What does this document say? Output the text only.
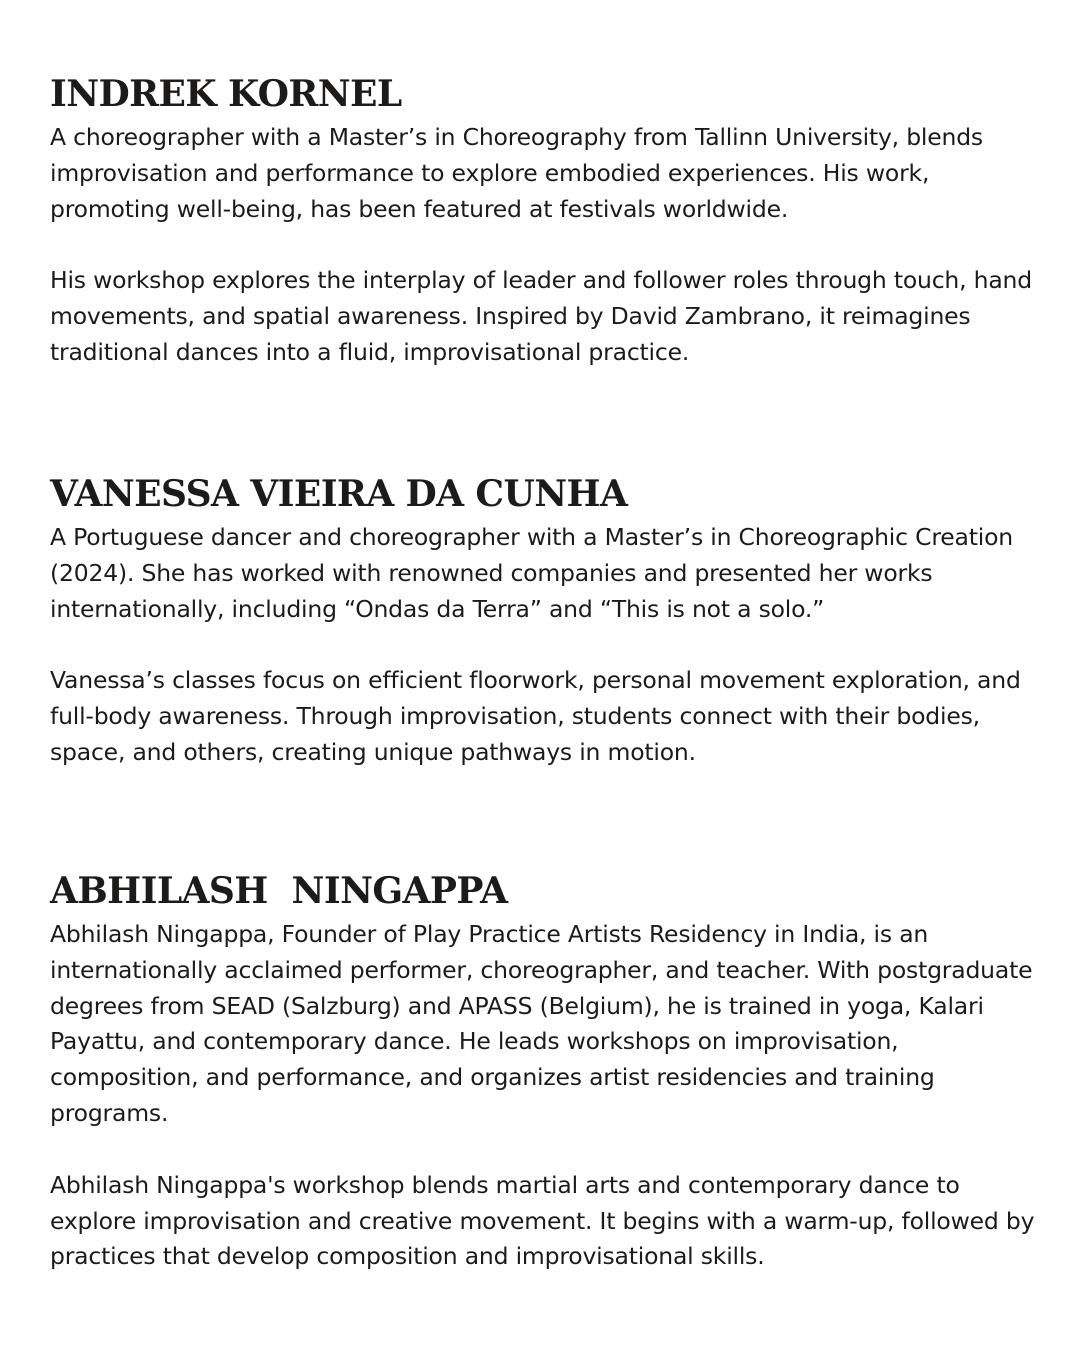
INDREK KORNEL

A choreographer with a Master’s in Choreography from Tallinn University, blends improvisation and performance to explore embodied experiences. His work, promoting well-being, has been featured at festivals worldwide.

His workshop explores the interplay of leader and follower roles through touch, hand movements, and spatial awareness. Inspired by David Zambrano, it reimagines traditional dances into a fluid, improvisational practice.

VANESSA VIEIRA DA CUNHA

A Portuguese dancer and choreographer with a Master’s in Choreographic Creation (2024). She has worked with renowned companies and presented her works internationally, including “Ondas da Terra” and “This is not a solo.”

Vanessa’s classes focus on efficient floorwork, personal movement exploration, and full-body awareness. Through improvisation, students connect with their bodies, space, and others, creating unique pathways in motion.

ABHILASH  NINGAPPA

Abhilash Ningappa, Founder of Play Practice Artists Residency in India, is an internationally acclaimed performer, choreographer, and teacher. With postgraduate degrees from SEAD (Salzburg) and APASS (Belgium), he is trained in yoga, Kalari Payattu, and contemporary dance. He leads workshops on improvisation, composition, and performance, and organizes artist residencies and training programs.

Abhilash Ningappa's workshop blends martial arts and contemporary dance to explore improvisation and creative movement. It begins with a warm-up, followed by practices that develop composition and improvisational skills.
